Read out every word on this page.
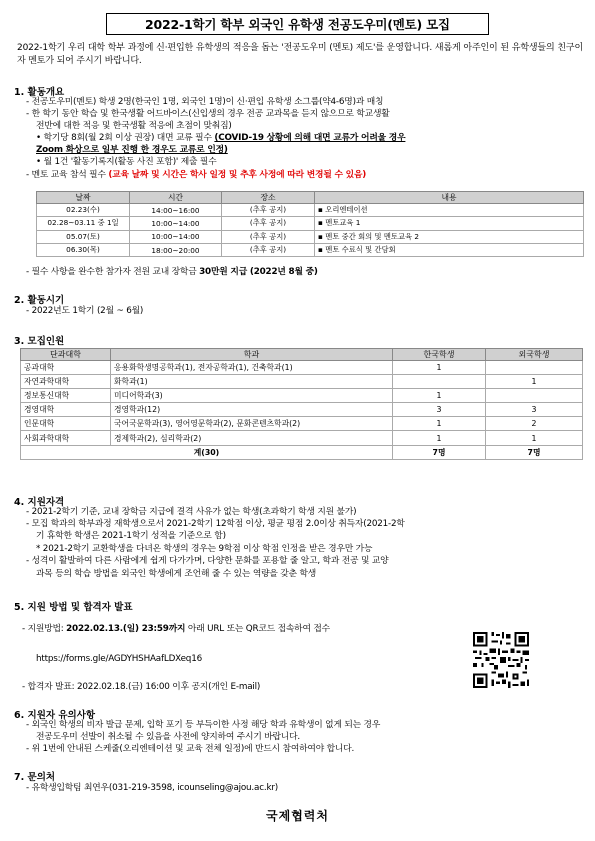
2022-1학기 학부 외국인 유학생 전공도우미(멘토) 모집
2022-1학기 우리 대학 학부 과정에 신·편입한 유학생의 적응을 돕는 '전공도우미 (멘토) 제도'를 운영합니다. 새롭게 아주인이 된 유학생들의 친구이자 멘토가 되어 주시기 바랍니다.
1. 활동개요
- 전공도우미(멘토) 학생 2명(한국인 1명, 외국인 1명)이 신·편입 유학생 소그룹(약4-6명)과 매칭
- 한 학기 동안 학습 및 한국생활 어드바이스(신입생의 경우 전공 교과목을 듣지 않으므로 학교생활
전반에 대한 적응 및 한국생활 적응에 초점이 맞춰짐)
• 학기당 8회(월 2회 이상 권장) 대면 교류 필수 (COVID-19 상황에 의해 대면 교류가 어려울 경우
Zoom 화상으로 일부 진행 한 경우도 교류로 인정)
• 월 1건 '활동기록지(활동 사진 포함)' 제출 필수
- 멘토 교육 참석 필수 (교육 날짜 및 시간은 학사 일정 및 추후 사정에 따라 변경될 수 있음)
날짜	시간	장소	내용
02.23(수)	14:00~16:00	(추후 공지)	▪ 오리엔테이션
02.28~03.11 중 1일	10:00~14:00	(추후 공지)	▪ 멘토교육 1
05.07(토)	10:00~14:00	(추후 공지)	▪ 멘토 중간 회의 및 멘토교육 2
06.30(목)	18:00~20:00	(추후 공지)	▪ 멘토 수료식 및 간담회
- 필수 사항을 완수한 참가자 전원 교내 장학금 30만원 지급 (2022년 8월 중)
2. 활동시기
- 2022년도 1학기 (2월 ~ 6월)
3. 모집인원
단과대학	학과	한국학생	외국학생
공과대학	응용화학생명공학과(1), 전자공학과(1), 건축학과(1)	1	
자연과학대학	화학과(1)		1
정보통신대학	미디어학과(3)	1	
경영대학	경영학과(12)	3	3
인문대학	국어국문학과(3), 영어영문학과(2), 문화콘텐츠학과(2)	1	2
사회과학대학	경제학과(2), 심리학과(2)	1	1
계(30)		7명	7명
4. 지원자격
- 2021-2학기 기준, 교내 장학금 지급에 결격 사유가 없는 학생(초과학기 학생 지원 불가)
- 모집 학과의 학부과정 재학생으로서 2021-2학기 12학점 이상, 평균 평점 2.0이상 취득자(2021-2학
기 휴학한 학생은 2021-1학기 성적을 기준으로 함)
* 2021-2학기 교환학생을 다녀온 학생의 경우는 9학점 이상 학점 인정을 받은 경우만 가능
- 성격이 활발하여 다른 사람에게 쉽게 다가가며, 다양한 문화를 포용할 줄 알고, 학과 전공 및 교양
과목 등의 학습 방법을 외국인 학생에게 조언해 줄 수 있는 역량을 갖춘 학생
5. 지원 방법 및 합격자 발표
- 지원방법: 2022.02.13.(일) 23:59까지 아래 URL 또는 QR코드 접속하여 접수
https://forms.gle/AGDYHSHAafLDXeq16
- 합격자 발표: 2022.02.18.(금) 16:00 이후 공지(개인 E-mail)
6. 지원자 유의사항
- 외국인 학생의 비자 발급 문제, 입학 포기 등 부득이한 사정 해당 학과 유학생이 없게 되는 경우
전공도우미 선발이 취소될 수 있음을 사전에 양지하여 주시기 바랍니다.
- 위 1번에 안내된 스케줄(오리엔테이션 및 교육 전체 일정)에 반드시 참여하여야 합니다.
7. 문의처
- 유학생입학팀 최연우(031-219-3598, icounseling@ajou.ac.kr)
국제협력처
